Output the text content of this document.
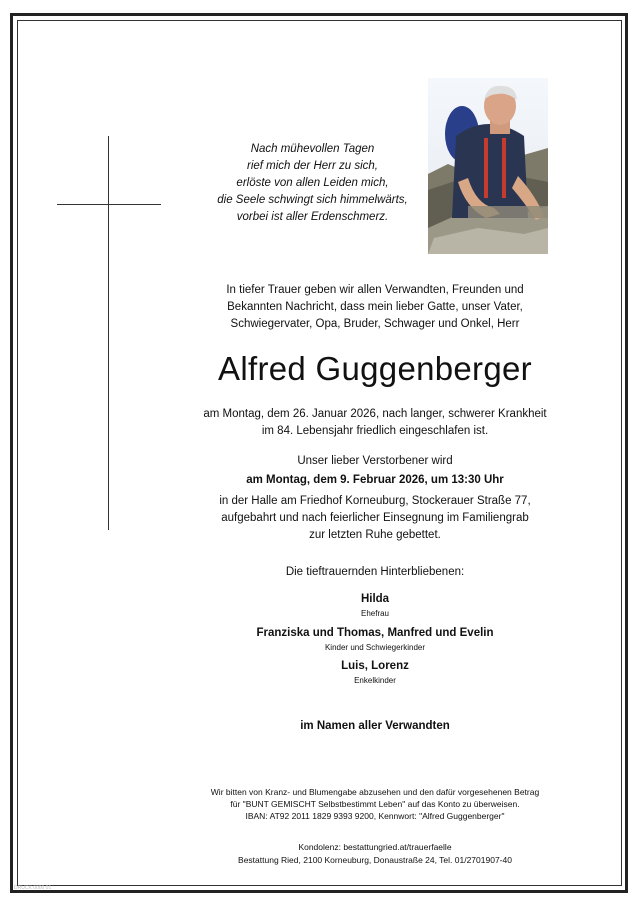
Nach mühevollen Tagen
rief mich der Herr zu sich,
erlöste von allen Leiden mich,
die Seele schwingt sich himmelwärts,
vorbei ist aller Erdenschmerz.
In tiefer Trauer geben wir allen Verwandten, Freunden und
Bekannten Nachricht, dass mein lieber Gatte, unser Vater,
Schwiegervater, Opa, Bruder, Schwager und Onkel, Herr
Alfred Guggenberger
am Montag, dem 26. Januar 2026, nach langer, schwerer Krankheit
im 84. Lebensjahr friedlich eingeschlafen ist.
Unser lieber Verstorbener wird
am Montag, dem 9. Februar 2026, um 13:30 Uhr
in der Halle am Friedhof Korneuburg, Stockerauer Straße 77,
aufgebahrt und nach feierlicher Einsegnung im Familiengrab
zur letzten Ruhe gebettet.
Die tieftrauernden Hinterbliebenen:
Hilda
Ehefrau
Franziska und Thomas, Manfred und Evelin
Kinder und Schwiegerkinder
Luis, Lorenz
Enkelkinder
im Namen aller Verwandten
Wir bitten von Kranz- und Blumengabe abzusehen und den dafür vorgesehenen Betrag
für "BUNT GEMISCHT Selbstbestimmt Leben" auf das Konto zu überweisen.
IBAN: AT92 2011 1829 9393 9200, Kennwort: "Alfred Guggenberger"
Kondolenz: bestattungried.at/trauerfaelle
Bestattung Ried, 2100 Korneuburg, Donaustraße 24, Tel. 01/2701907-40
DRUCK 0000 01
